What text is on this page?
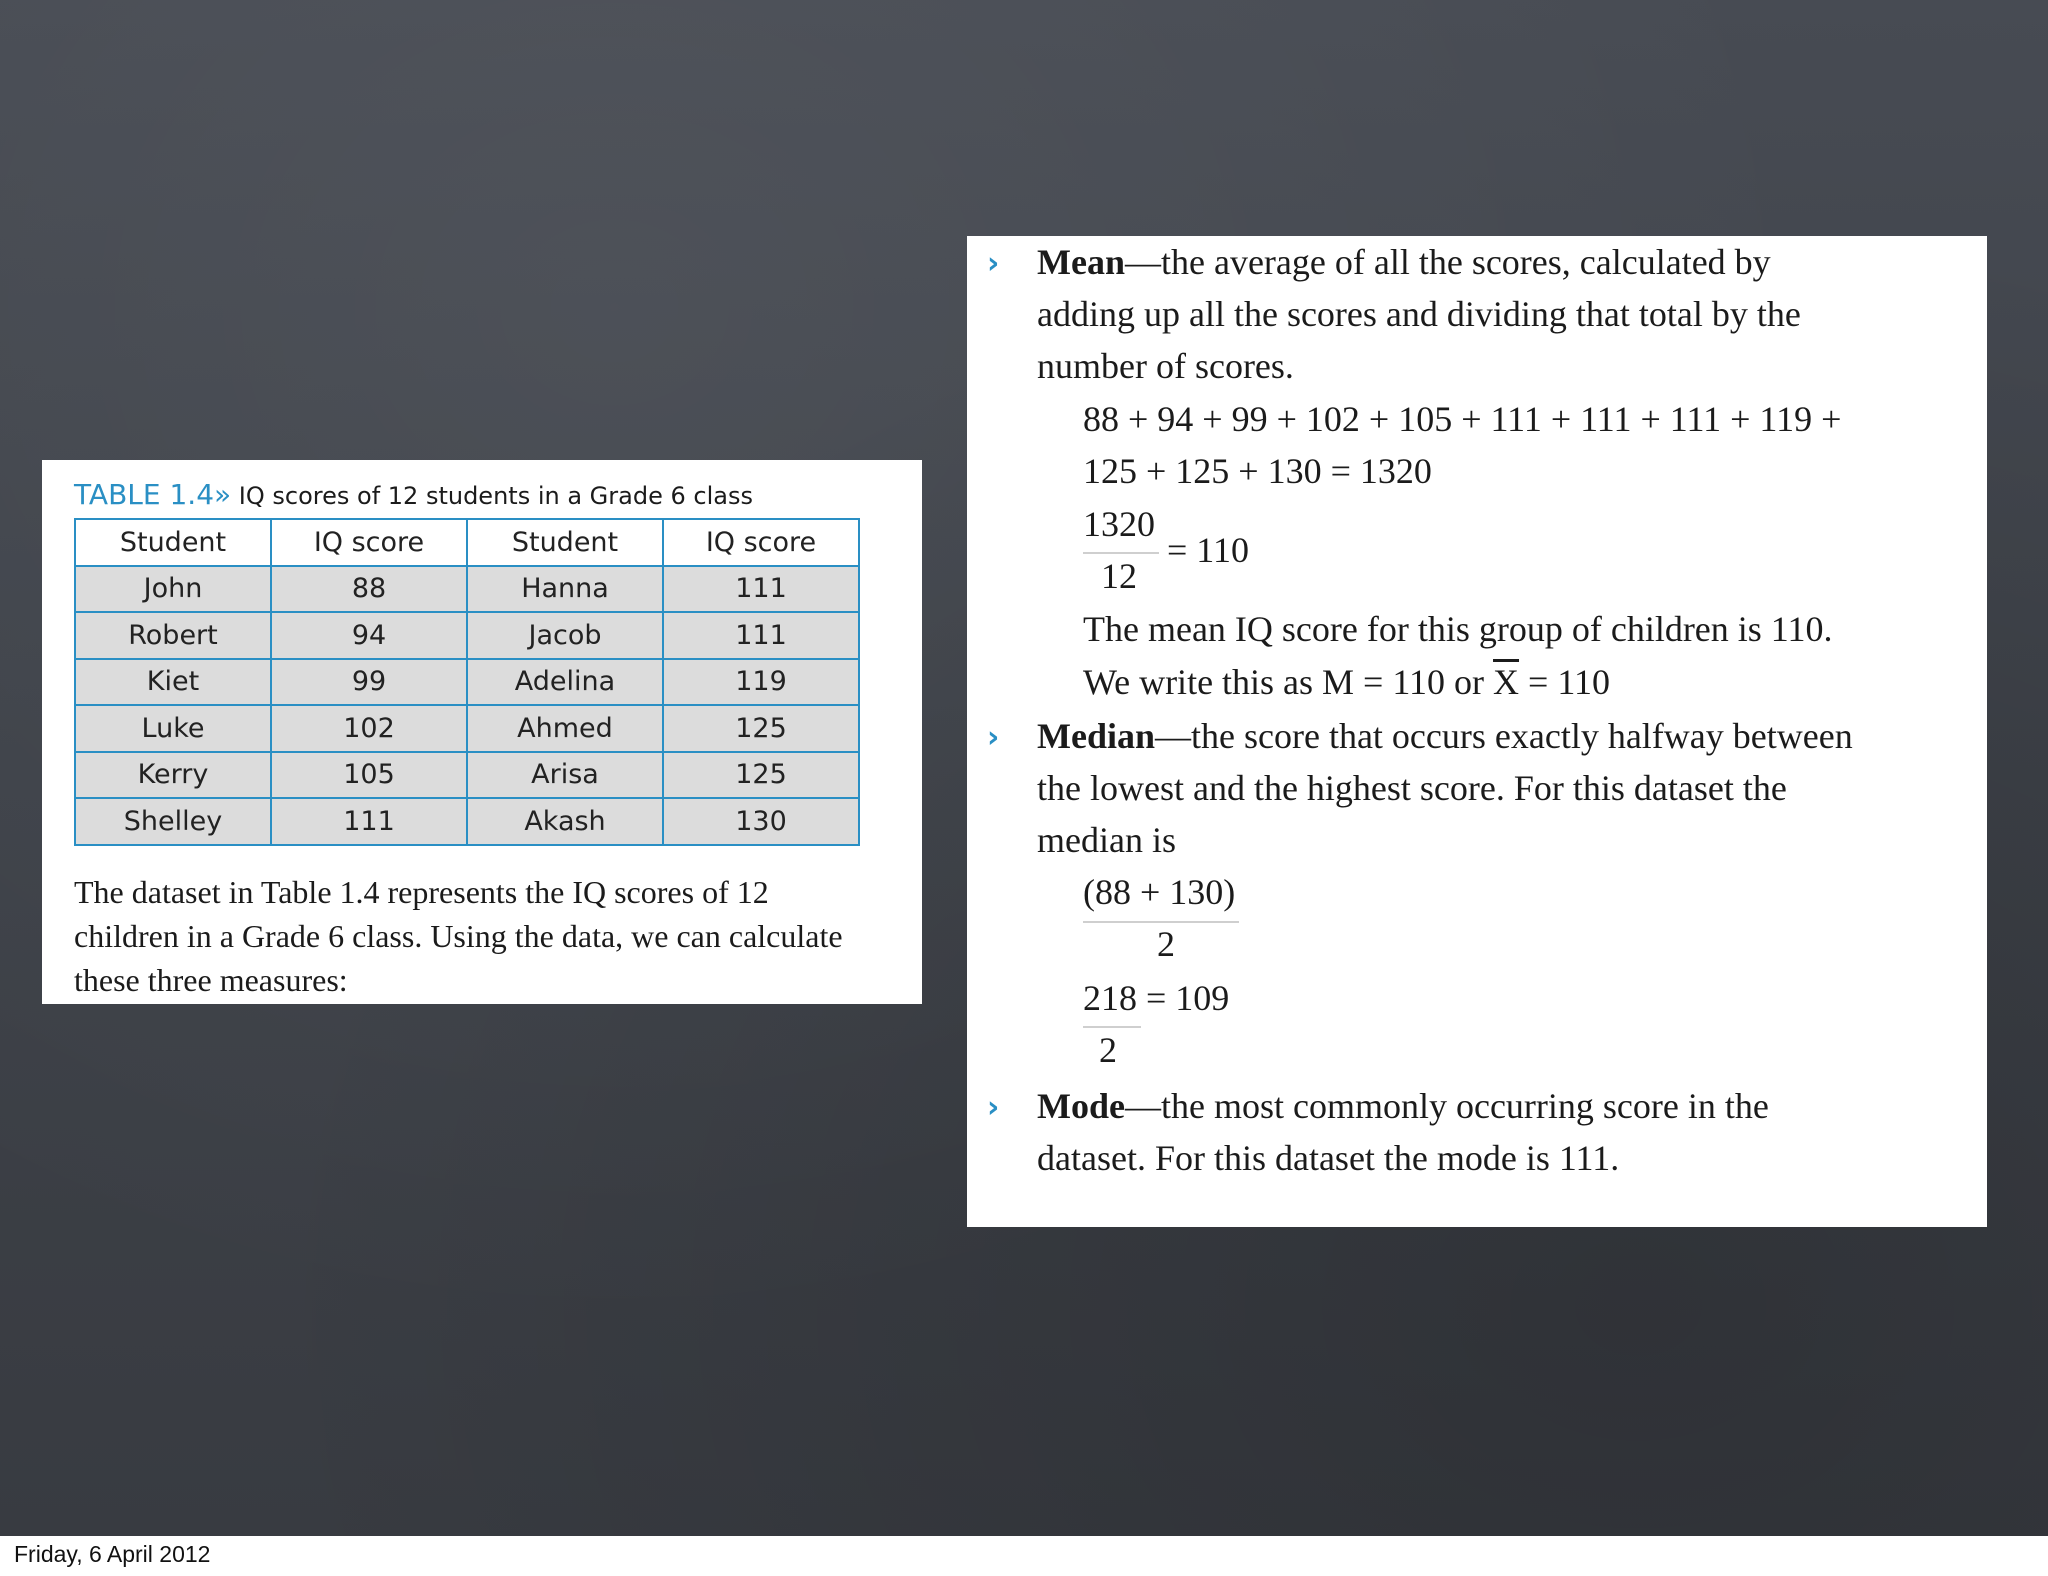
TABLE 1.4» IQ scores of 12 students in a Grade 6 class
Student	IQ score	Student	IQ score
John	88	Hanna	111
Robert	94	Jacob	111
Kiet	99	Adelina	119
Luke	102	Ahmed	125
Kerry	105	Arisa	125
Shelley	111	Akash	130
The dataset in Table 1.4 represents the IQ scores of 12 children in a Grade 6 class. Using the data, we can calculate these three measures:
› Mean—the average of all the scores, calculated by
adding up all the scores and dividing that total by the
number of scores.
88 + 94 + 99 + 102 + 105 + 111 + 111 + 111 + 119 +
125 + 125 + 130 = 1320
1320
12
= 110
The mean IQ score for this group of children is 110.
We write this as M = 110 or $\overline{X} = 110$
› Median—the score that occurs exactly halfway between
the lowest and the highest score. For this dataset the
median is
(88 + 130)
2
218 = 109
2
› Mode—the most commonly occurring score in the
dataset. For this dataset the mode is 111.
Friday, 6 April 2012
